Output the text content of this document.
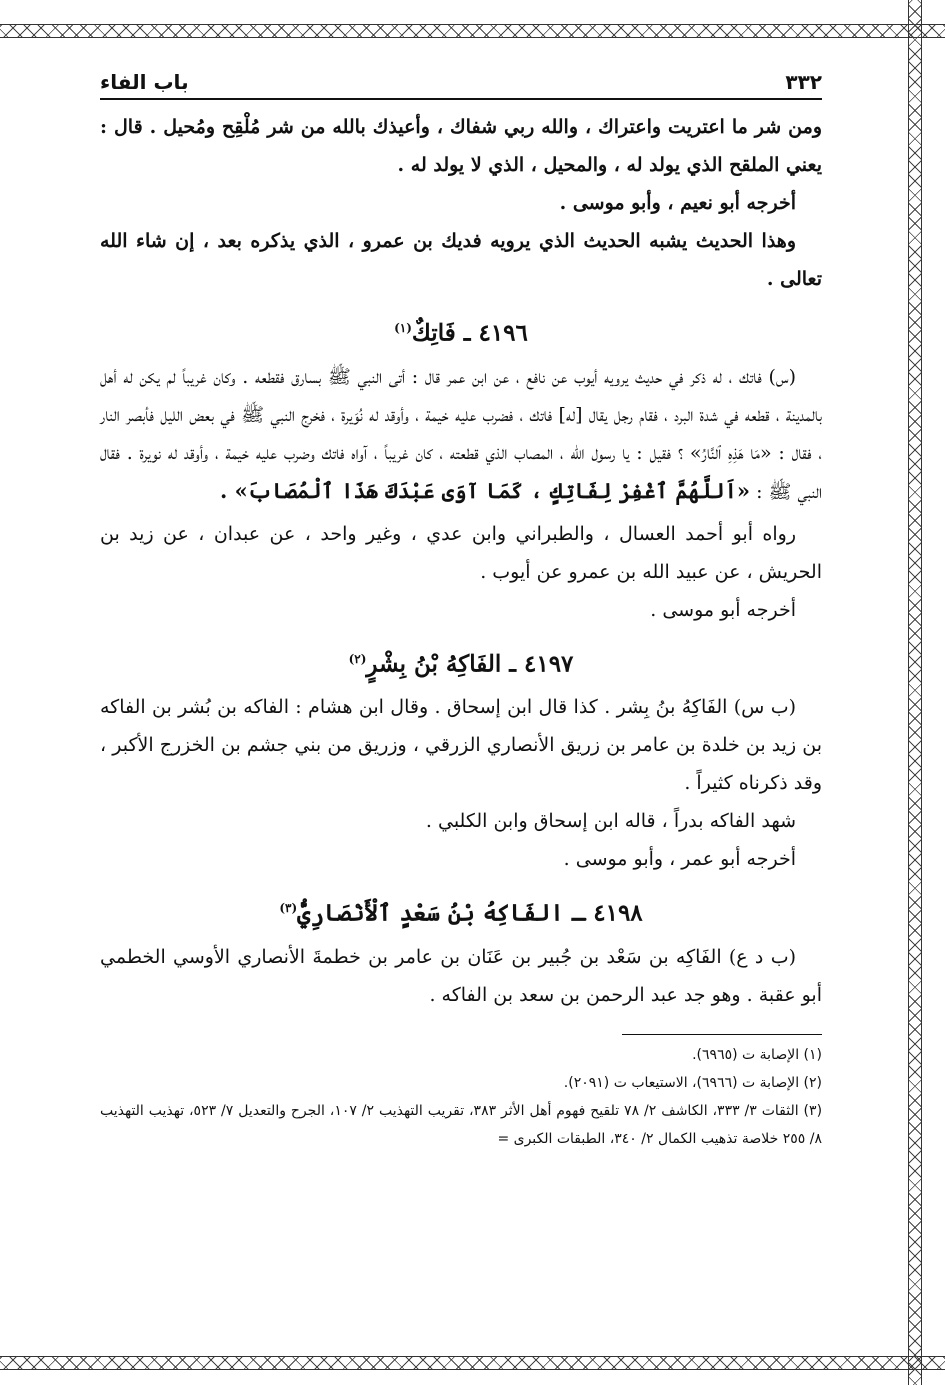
٣٣٢
باب الفاء

ومن شر ما اعتريت واعتراك ، والله ربي شفاك ، وأعيذك بالله من شر مُلْقِح ومُحيل . قال : يعني الملقح الذي يولد له ، والمحيل ، الذي لا يولد له .

أخرجه أبو نعيم ، وأبو موسى .

وهذا الحديث يشبه الحديث الذي يرويه فديك بن عمرو ، الذي يذكره بعد ، إن شاء الله تعالى .

٤١٩٦ ـ فَاتِكٌ$^{(١)}$

(س) فاتك ، له ذكر في حديث يرويه أيوب عن نافع ، عن ابن عمر قال : أتى النبي ﷺ بسارق فقطعه . وكان غريباً لم يكن له أهل بالمدينة ، قطعه في شدة البرد ، فقام رجل يقال [له] فاتك ، فضرب عليه خيمة ، وأوقد له نُوَيرة ، فخرج النبي ﷺ في بعض الليل فأبصر النار ، فقال : «مَا هَذِهِ ٱلنَّارُ» ؟ فقيل : يا رسول الله ، المصاب الذي قطعته ، كان غريباً ، آواه فاتك وضرب عليه خيمة ، وأوقد له نويرة . فقال النبي ﷺ : «اَللَّهُمَّ ٱغْفِرْ لِفَاتِكٍ ، كَمَا آوَى عَبْدَكَ هَذَا ٱلْمُصَابَ» .

رواه أبو أحمد العسال ، والطبراني وابن عدي ، وغير واحد ، عن عبدان ، عن زيد بن الحريش ، عن عبيد الله بن عمرو عن أيوب .

أخرجه أبو موسى .

٤١٩٧ ـ الفَاكِهُ بْنُ بِشْرٍ$^{(٢)}$

(ب س) الفَاكِهُ بنُ بِشر . كذا قال ابن إسحاق . وقال ابن هشام : الفاكه بن بُشر بن الفاكه بن زيد بن خلدة بن عامر بن زريق الأنصاري الزرقي ، وزريق من بني جشم بن الخزرج الأكبر ، وقد ذكرناه كثيراً .

شهد الفاكه بدراً ، قاله ابن إسحاق وابن الكلبي .

أخرجه أبو عمر ، وأبو موسى .

٤١٩٨ ـ الفَاكِهُ بْنُ سَعْدٍ ٱلْأَنْصَارِيُّ$^{(٣)}$

(ب د ع) الفَاكِه بن سَعْد بن جُبير بن عَنَان بن عامر بن خطمةَ الأنصاري الأوسي الخطمي أبو عقبة . وهو جد عبد الرحمن بن سعد بن الفاكه .

(١) الإصابة ت (٦٩٦٥).

(٢) الإصابة ت (٦٩٦٦)، الاستيعاب ت (٢٠٩١).

(٣) الثقات ٣/ ٣٣٣، الكاشف ٢/ ٧٨ تلقيح فهوم أهل الأثر ٣٨٣، تقريب التهذيب ٢/ ١٠٧، الجرح والتعديل ٧/ ٥٢٣، تهذيب التهذيب ٨/ ٢٥٥ خلاصة تذهيب الكمال ٢/ ٣٤٠، الطبقات الكبرى =
